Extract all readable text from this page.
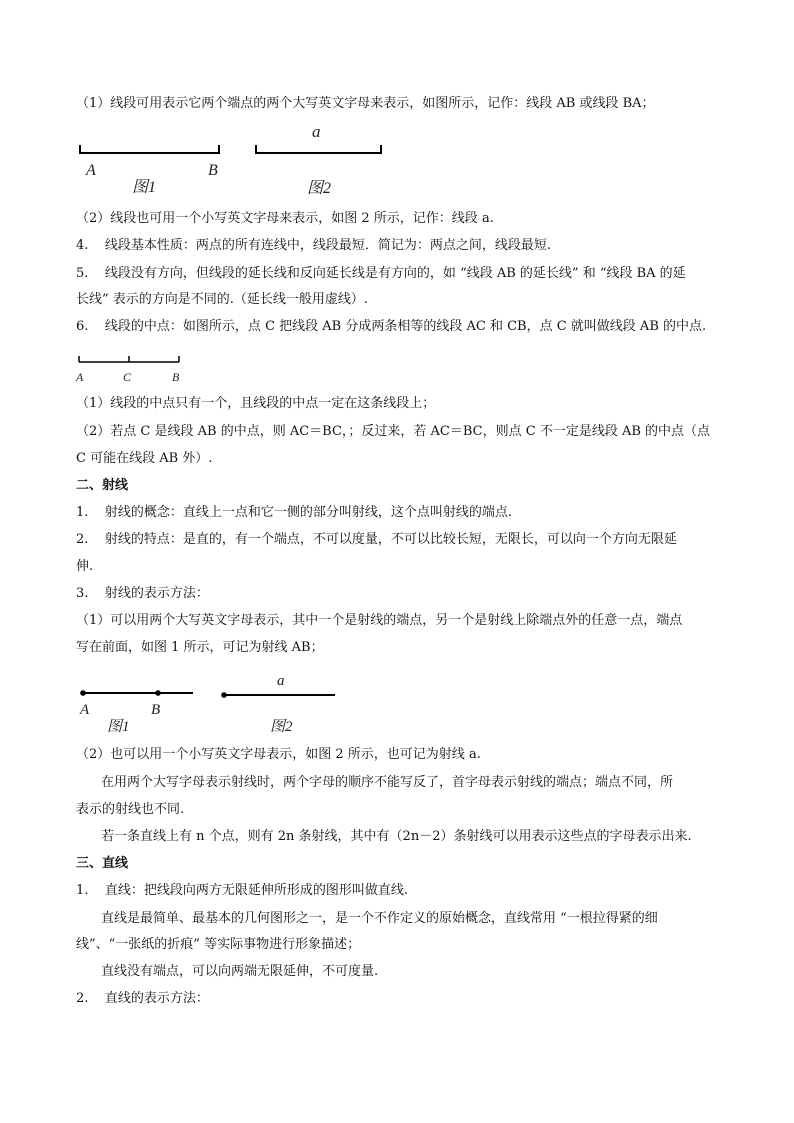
（1）线段可用表示它两个端点的两个大写英文字母来表示，如图所示，记作：线段 AB 或线段 BA；
a
A	B
图1	图2
（2）线段也可用一个小写英文字母来表示，如图 2 所示，记作：线段 a.
4.    线段基本性质：两点的所有连线中，线段最短．简记为：两点之间，线段最短.
5.    线段没有方向，但线段的延长线和反向延长线是有方向的，如 “线段 AB 的延长线” 和 “线段 BA 的延
长线” 表示的方向是不同的.（延长线一般用虚线）.
6.    线段的中点：如图所示，点 C 把线段 AB 分成两条相等的线段 AC 和 CB，点 C 就叫做线段 AB 的中点.
A	C	B
（1）线段的中点只有一个，且线段的中点一定在这条线段上；
（2）若点 C 是线段 AB 的中点，则 AC＝BC，；反过来，若 AC＝BC，则点 C 不一定是线段 AB 的中点（点
C 可能在线段 AB 外）.
二、射线
1.    射线的概念：直线上一点和它一侧的部分叫射线，这个点叫射线的端点.
2.    射线的特点：是直的，有一个端点，不可以度量，不可以比较长短，无限长，可以向一个方向无限延
伸.
3.    射线的表示方法：
（1）可以用两个大写英文字母表示，其中一个是射线的端点，另一个是射线上除端点外的任意一点，端点
写在前面，如图 1 所示，可记为射线 AB；
a
A	B
图1	图2
（2）也可以用一个小写英文字母表示，如图 2 所示，也可记为射线 a.
在用两个大写字母表示射线时，两个字母的顺序不能写反了，首字母表示射线的端点；端点不同，所
表示的射线也不同.
若一条直线上有 n 个点，则有 2n 条射线，其中有（2n－2）条射线可以用表示这些点的字母表示出来.
三、直线
1.    直线：把线段向两方无限延伸所形成的图形叫做直线.
直线是最简单、最基本的几何图形之一，是一个不作定义的原始概念，直线常用 “一根拉得紧的细
线”、“一张纸的折痕” 等实际事物进行形象描述；
直线没有端点，可以向两端无限延伸，不可度量.
2.    直线的表示方法：
